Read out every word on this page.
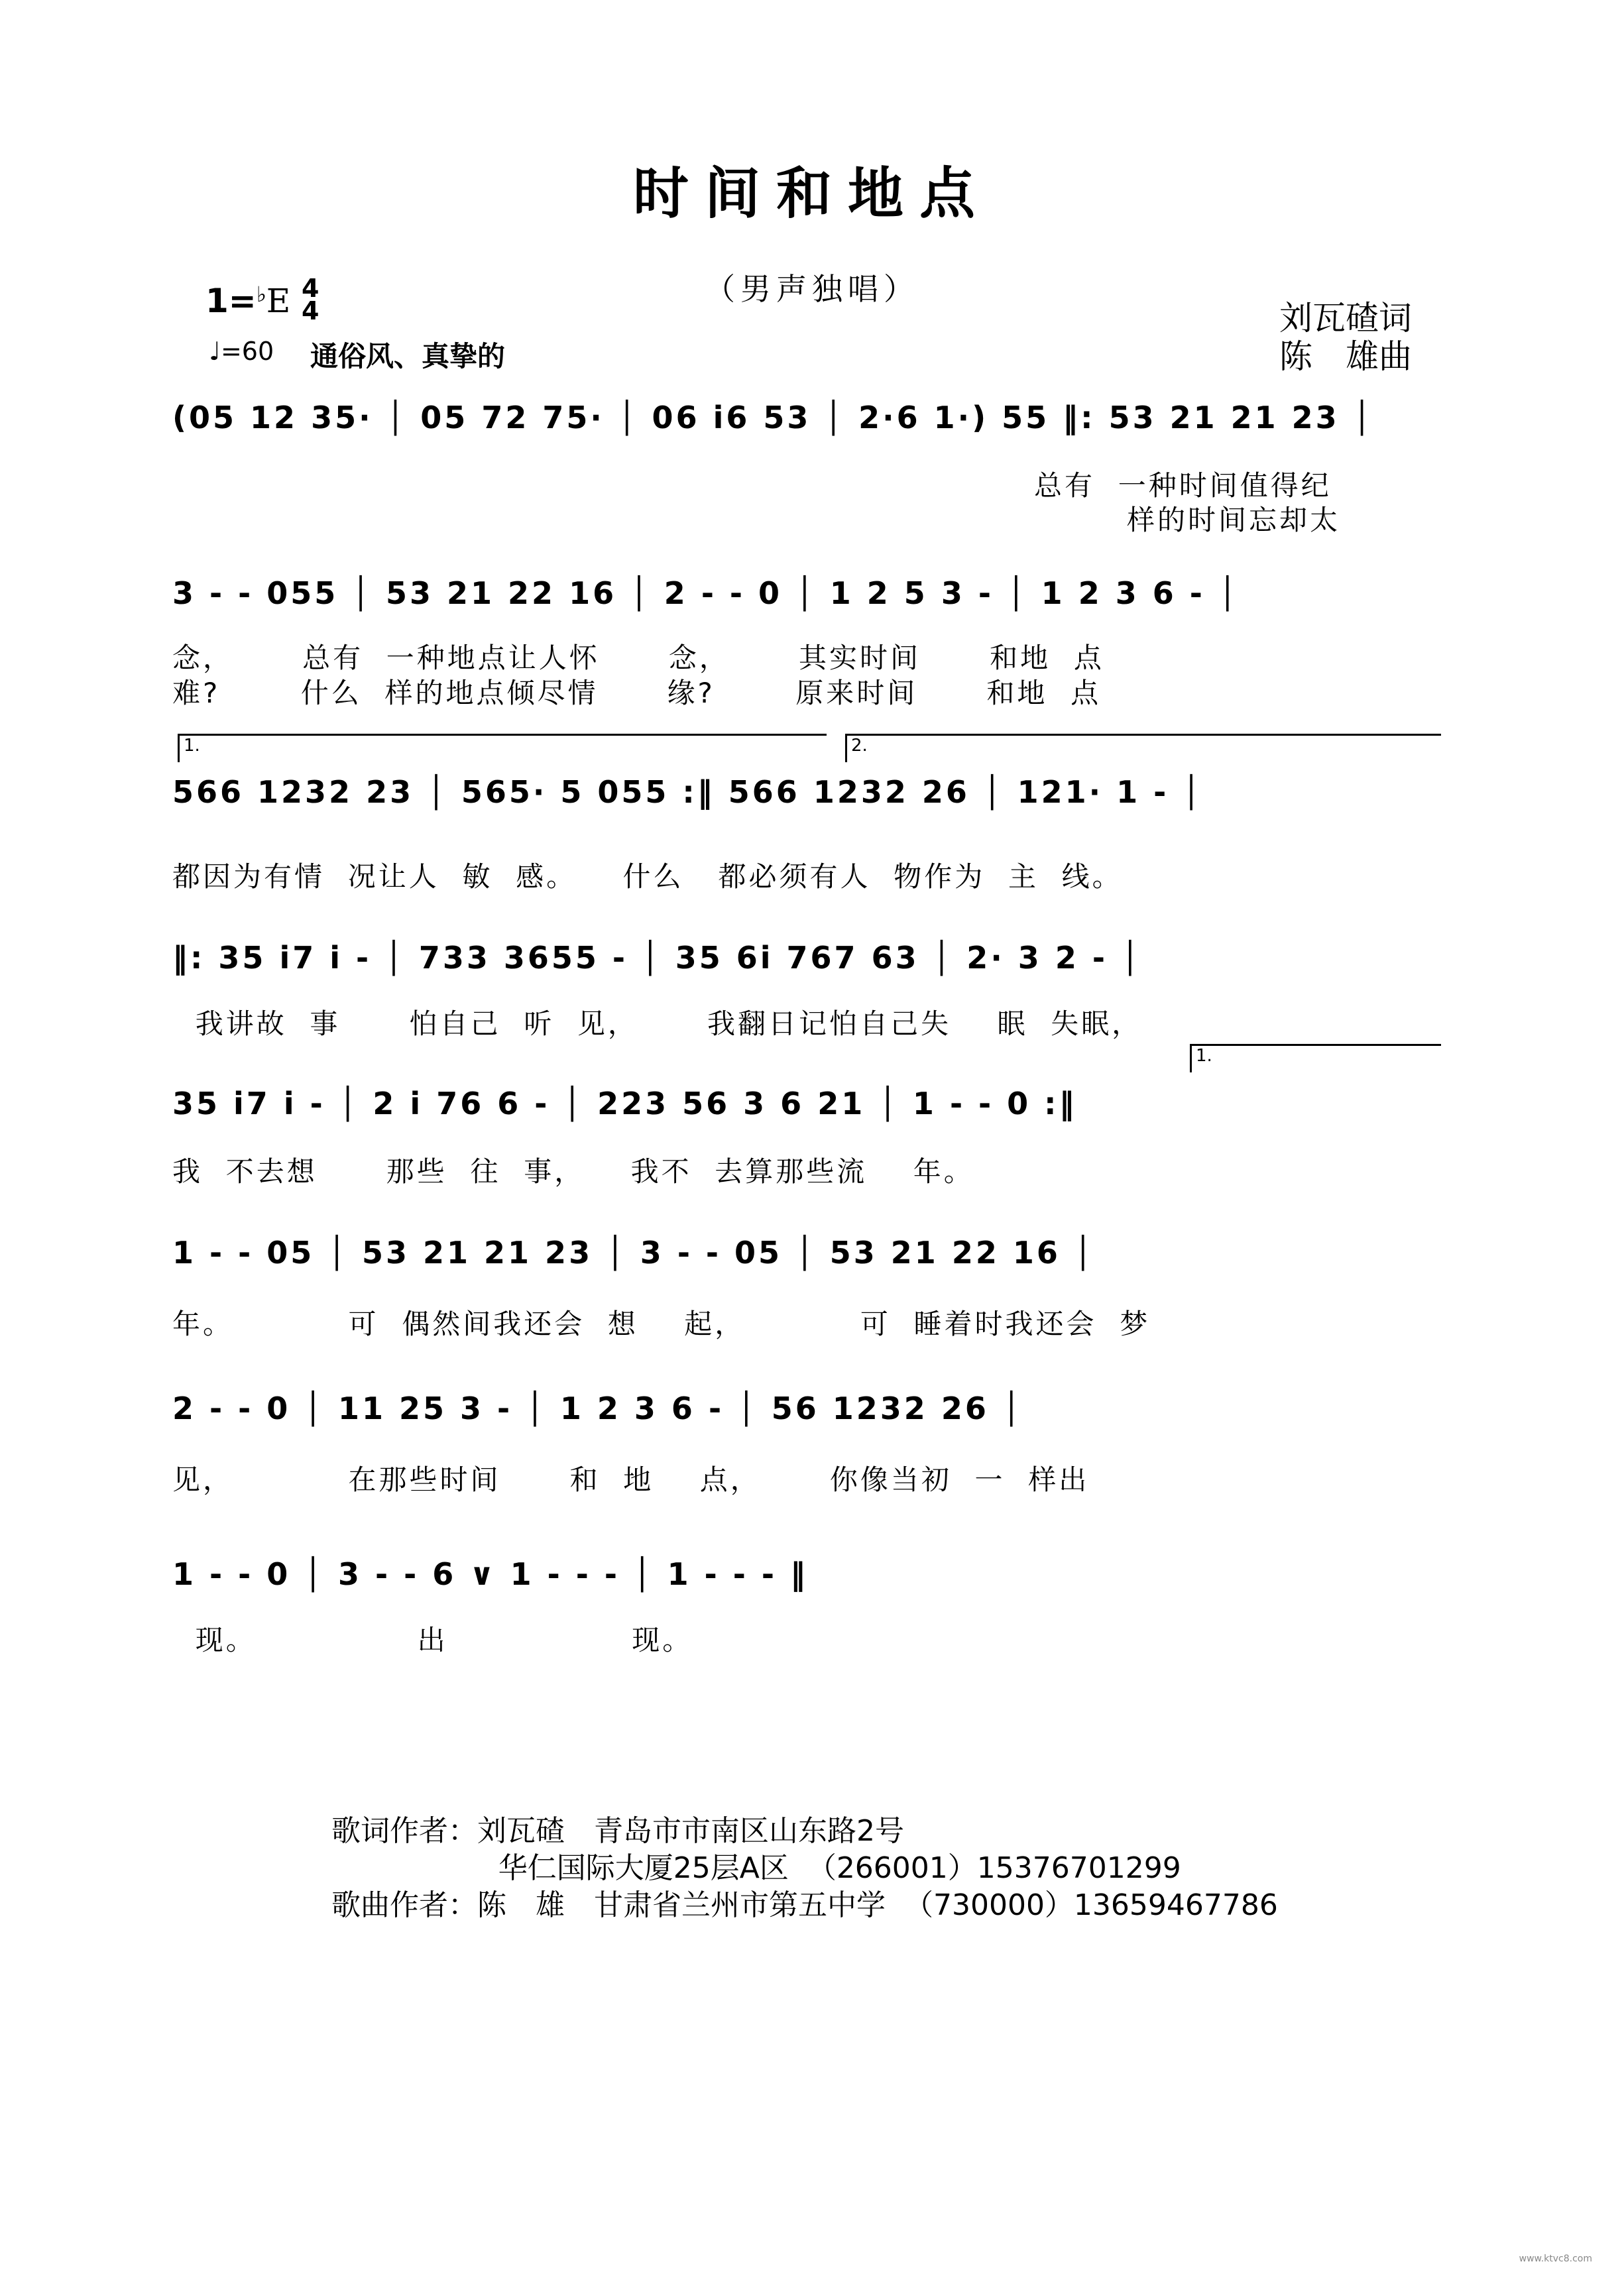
时间和地点
（男声独唱）
1=♭E 4
4
♩=60 通俗风、真挚的
刘瓦碴词
陈　雄曲
(05 12 35· │ 05 72 75· │ 06 i6 53 │ 2·6 1·) 55 ‖: 53 21 21 23 │
总有  一种时间值得纪
样的时间忘却太
3 - - 055 │ 53 21 22 16 │ 2 - - 0 │ 1 2 5 3 - │ 1 2 3 6 - │
念，      总有  一种地点让人怀      念，      其实时间      和地  点
难?       什么  样的地点倾尽情      缘?       原来时间      和地  点
1.	2.
566 1232 23 │ 565· 5 055 :‖ 566 1232 26 │ 121· 1 - │
都因为有情  况让人  敏  感。    什么   都必须有人  物作为  主  线。
‖: 35 i7 i - │ 733 3655 - │ 35 6i 767 63 │ 2· 3 2 - │
我讲故  事      怕自己  听  见，      我翻日记怕自己失    眠  失眠，
1.
35 i7 i - │ 2 i 76 6 - │ 223 56 3 6 21 │ 1 - - 0 :‖
我  不去想      那些  往  事，    我不  去算那些流    年。
1 - - 05 │ 53 21 21 23 │ 3 - - 05 │ 53 21 22 16 │
年。          可  偶然间我还会  想    起，          可  睡着时我还会  梦
2 - - 0 │ 11 25 3 - │ 1 2 3 6 - │ 56 1232 26 │
见，          在那些时间      和  地    点，      你像当初  一  样出
1 - - 0 │ 3 - - 6 ∨ 1 - - - │ 1 - - - ‖
现。              出                现。
歌词作者：刘瓦碴　青岛市市南区山东路2号
华仁国际大厦25层A区  （266001）15376701299
歌曲作者：陈　雄　甘肃省兰州市第五中学  （730000）13659467786
www.ktvc8.com
